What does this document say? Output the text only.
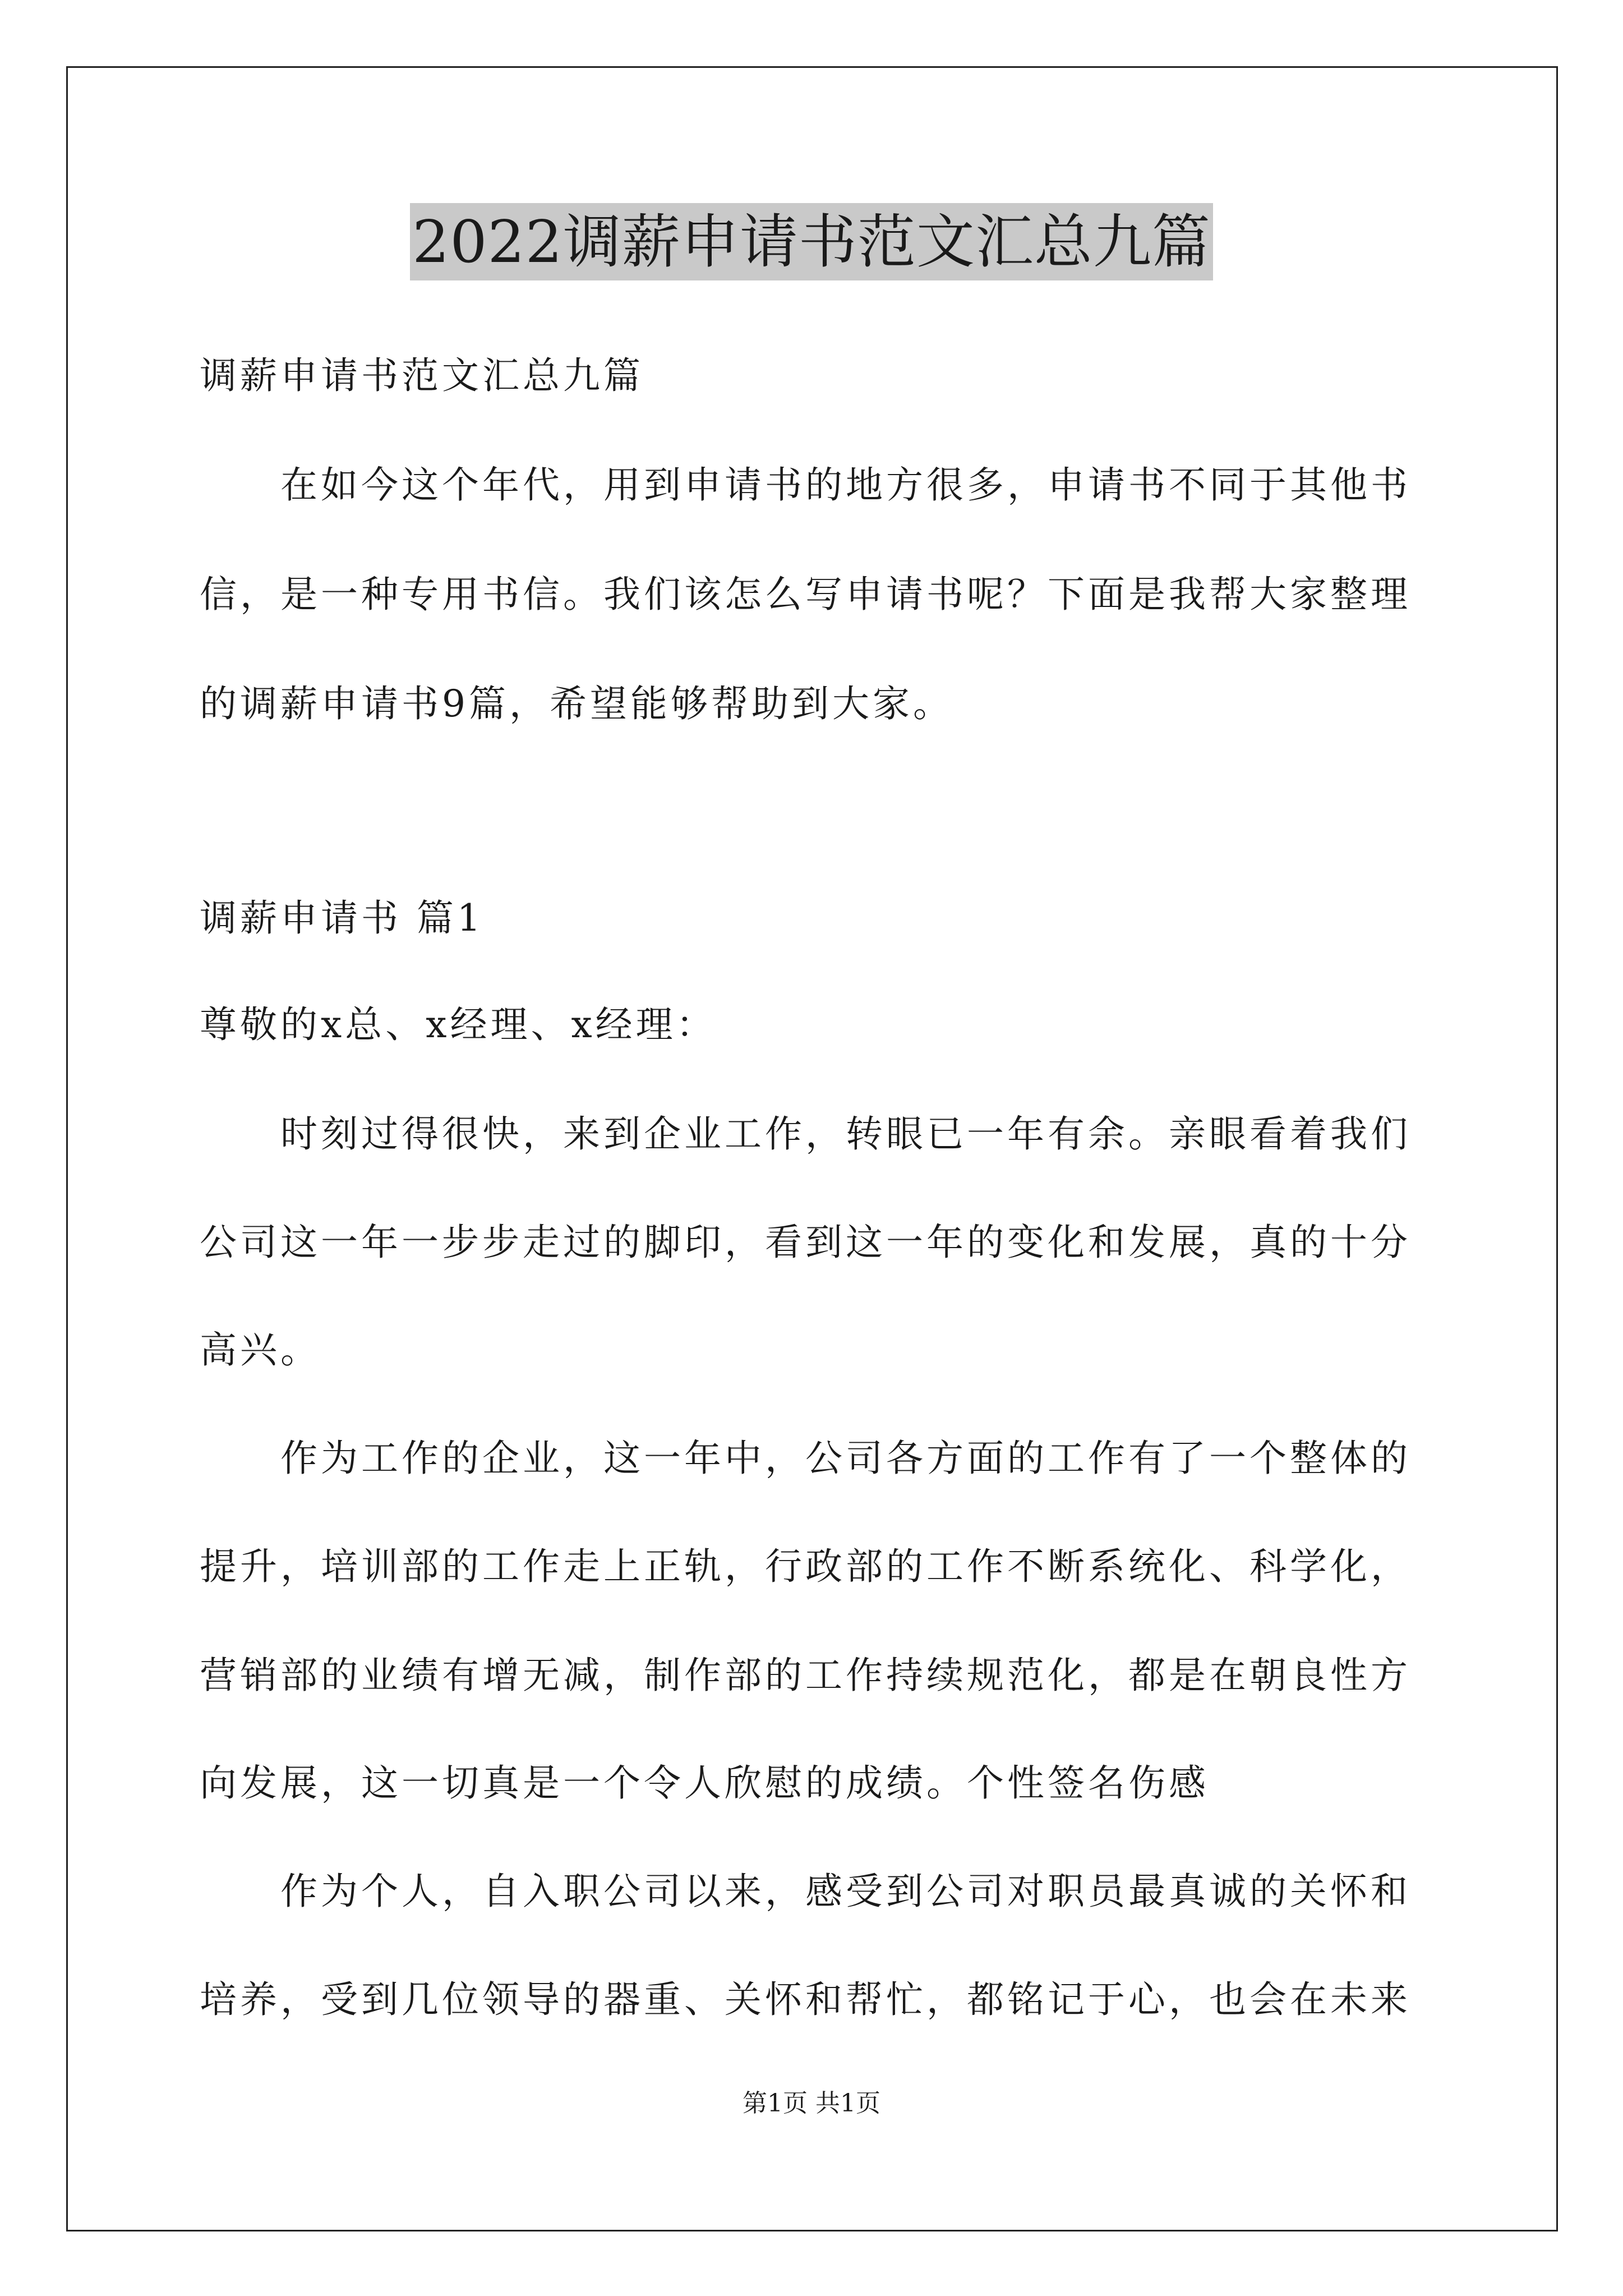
2022调薪申请书范文汇总九篇
调薪申请书范文汇总九篇
在如今这个年代，用到申请书的地方很多，申请书不同于其他书
信，是一种专用书信。我们该怎么写申请书呢？下面是我帮大家整理
的调薪申请书9篇，希望能够帮助到大家。
调薪申请书 篇1
尊敬的x总、x经理、x经理：
时刻过得很快，来到企业工作，转眼已一年有余。亲眼看着我们
公司这一年一步步走过的脚印，看到这一年的变化和发展，真的十分
高兴。
作为工作的企业，这一年中，公司各方面的工作有了一个整体的
提升，培训部的工作走上正轨，行政部的工作不断系统化、科学化，
营销部的业绩有增无减，制作部的工作持续规范化，都是在朝良性方
向发展，这一切真是一个令人欣慰的成绩。个性签名伤感
作为个人，自入职公司以来，感受到公司对职员最真诚的关怀和
培养，受到几位领导的器重、关怀和帮忙，都铭记于心，也会在未来
第1页 共1页
